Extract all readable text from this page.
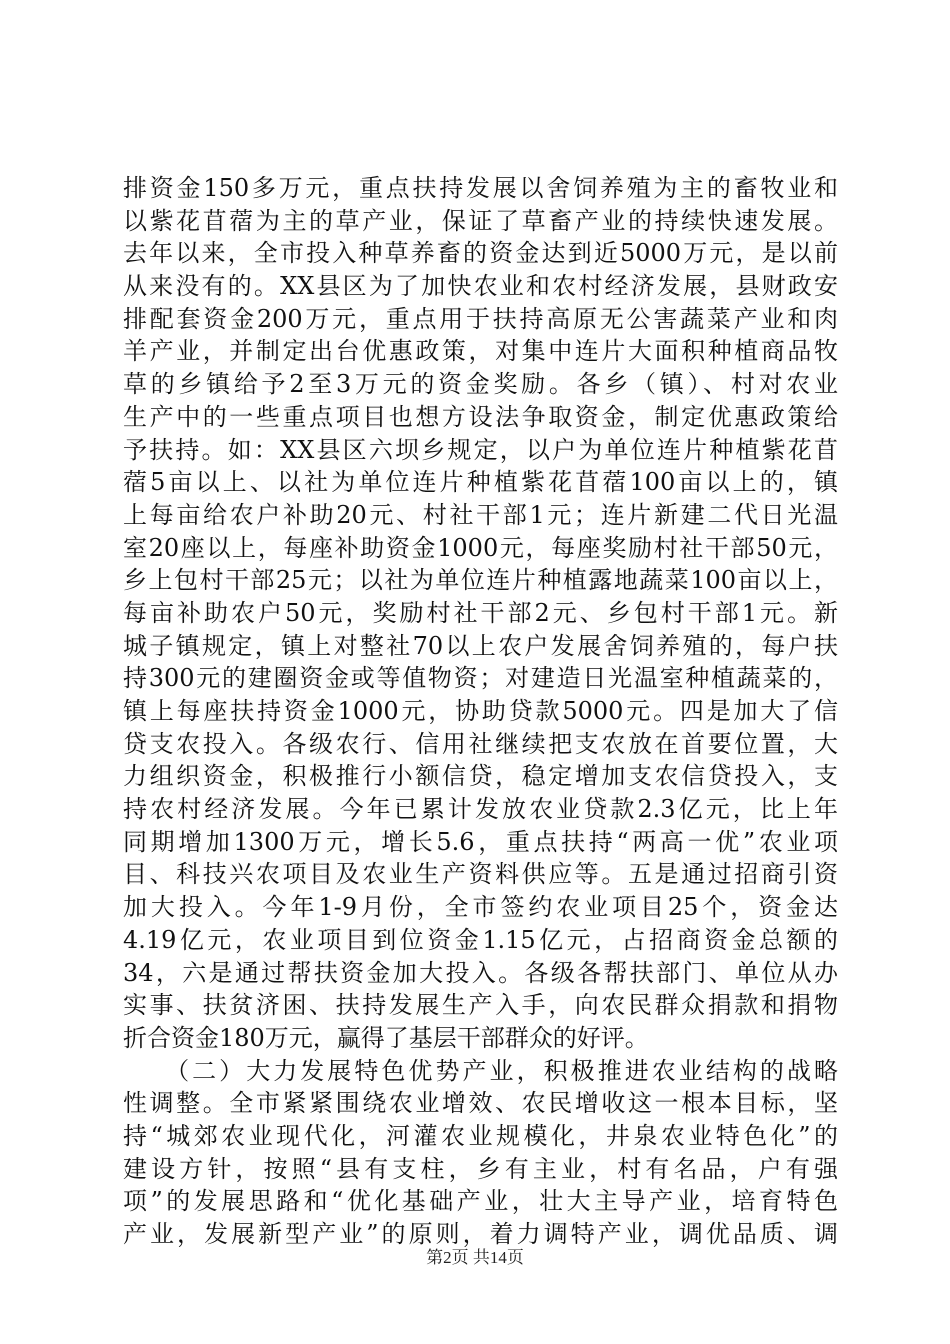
排资金150多万元，重点扶持发展以舍饲养殖为主的畜牧业和
以紫花苜蓿为主的草产业，保证了草畜产业的持续快速发展。
去年以来，全市投入种草养畜的资金达到近5000万元，是以前
从来没有的。XX县区为了加快农业和农村经济发展，县财政安
排配套资金200万元，重点用于扶持高原无公害蔬菜产业和肉
羊产业，并制定出台优惠政策，对集中连片大面积种植商品牧
草的乡镇给予2至3万元的资金奖励。各乡（镇）、村对农业
生产中的一些重点项目也想方设法争取资金，制定优惠政策给
予扶持。如：XX县区六坝乡规定，以户为单位连片种植紫花苜
蓿5亩以上、以社为单位连片种植紫花苜蓿100亩以上的，镇
上每亩给农户补助20元、村社干部1元；连片新建二代日光温
室20座以上，每座补助资金1000元，每座奖励村社干部50元，
乡上包村干部25元；以社为单位连片种植露地蔬菜100亩以上，
每亩补助农户50元，奖励村社干部2元、乡包村干部1元。新
城子镇规定，镇上对整社70以上农户发展舍饲养殖的，每户扶
持300元的建圈资金或等值物资；对建造日光温室种植蔬菜的，
镇上每座扶持资金1000元，协助贷款5000元。四是加大了信
贷支农投入。各级农行、信用社继续把支农放在首要位置，大
力组织资金，积极推行小额信贷，稳定增加支农信贷投入，支
持农村经济发展。今年已累计发放农业贷款2.3亿元，比上年
同期增加1300万元，增长5.6，重点扶持“两高一优”农业项
目、科技兴农项目及农业生产资料供应等。五是通过招商引资
加大投入。今年1-9月份，全市签约农业项目25个，资金达
4.19亿元，农业项目到位资金1.15亿元，占招商资金总额的
34，六是通过帮扶资金加大投入。各级各帮扶部门、单位从办
实事、扶贫济困、扶持发展生产入手，向农民群众捐款和捐物
折合资金180万元，赢得了基层干部群众的好评。
　　（二）大力发展特色优势产业，积极推进农业结构的战略
性调整。全市紧紧围绕农业增效、农民增收这一根本目标，坚
持“城郊农业现代化，河灌农业规模化，井泉农业特色化”的
建设方针，按照“县有支柱，乡有主业，村有名品，户有强
项”的发展思路和“优化基础产业，壮大主导产业，培育特色
产业，发展新型产业”的原则，着力调特产业，调优品质、调
第2页 共14页
